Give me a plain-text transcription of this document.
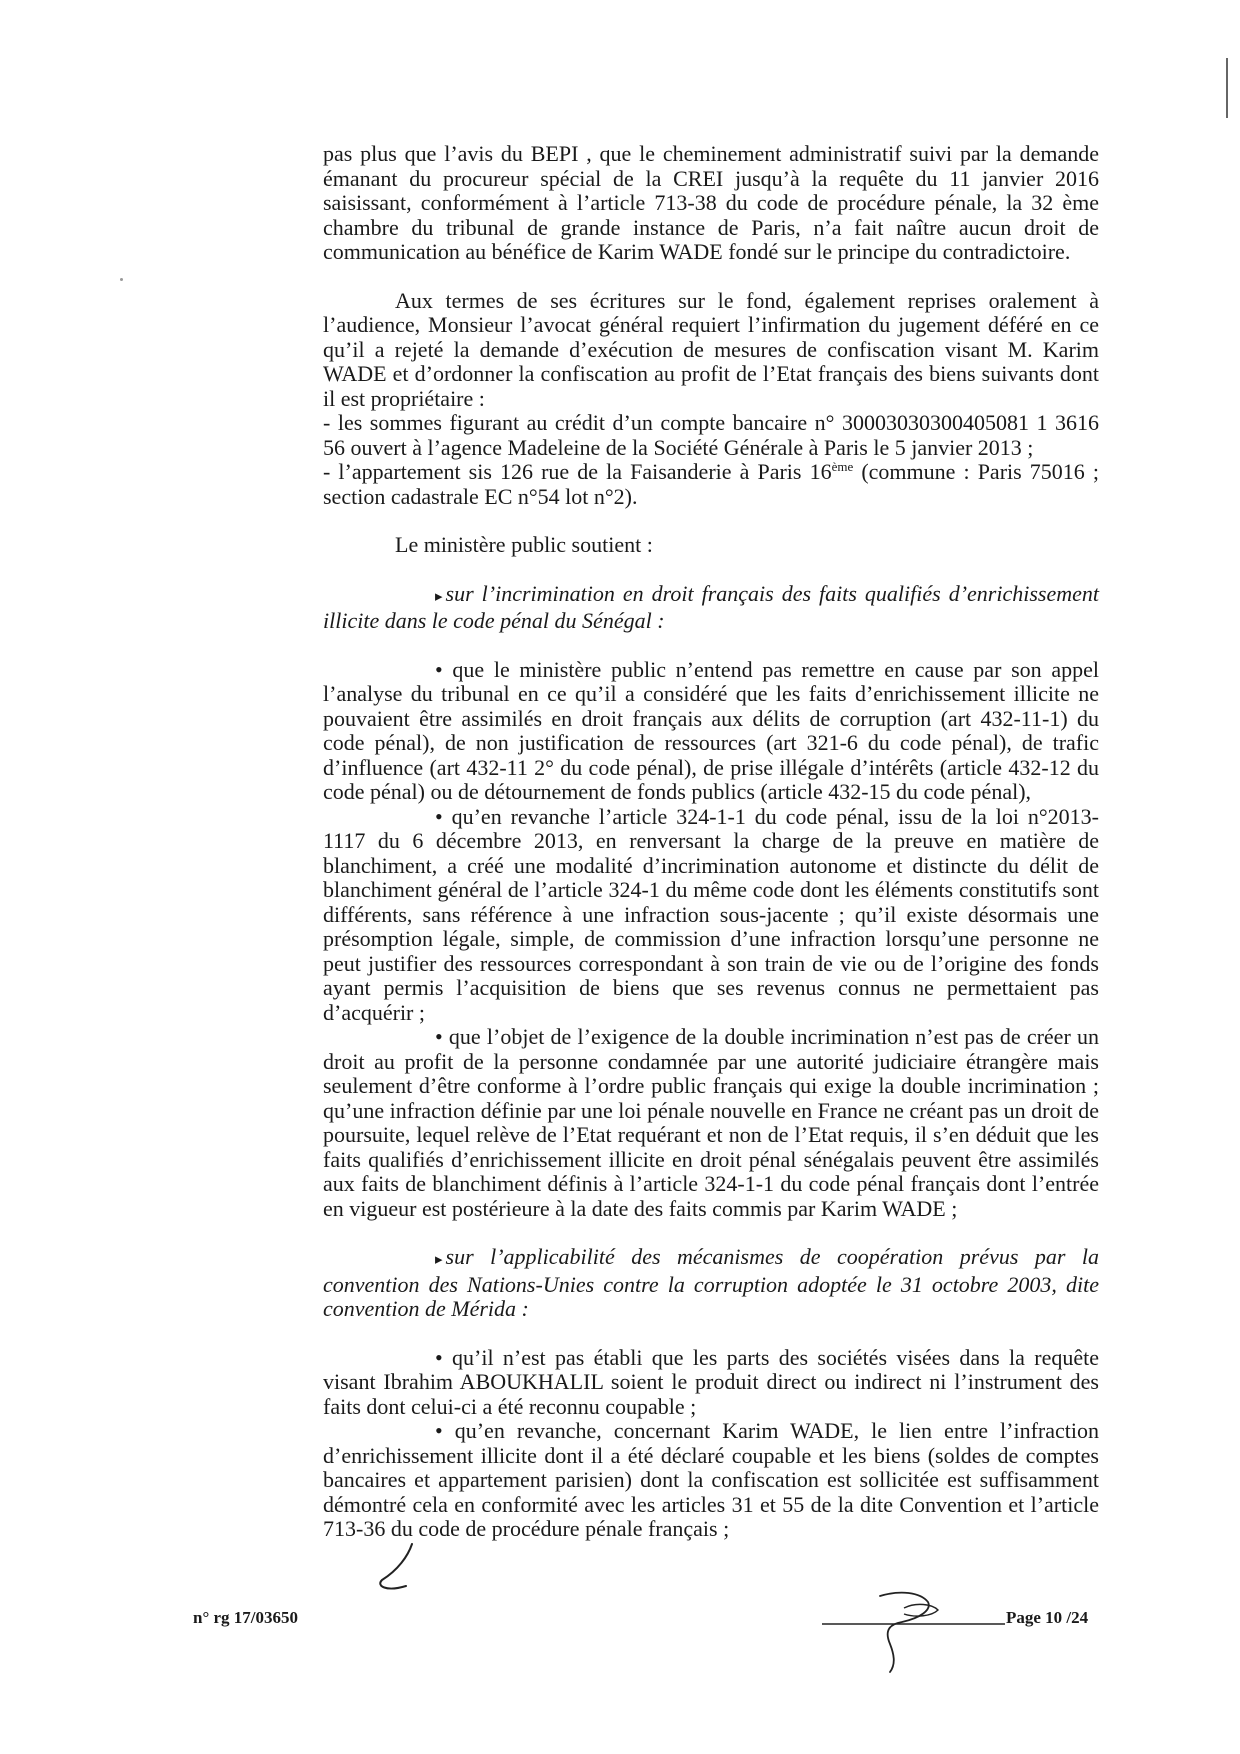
pas plus que l’avis du BEPI , que le cheminement administratif suivi par la demande émanant du procureur spécial de la CREI jusqu’à la requête du 11 janvier 2016 saisissant, conformément à l’article 713-38 du code de procédure pénale, la 32 ème chambre du tribunal de grande instance de Paris, n’a fait naître aucun droit de communication au bénéfice de Karim WADE fondé sur le principe du contradictoire.

Aux termes de ses écritures sur le fond, également reprises oralement à l’audience, Monsieur l’avocat général requiert l’infirmation du jugement déféré en ce qu’il a rejeté la demande d’exécution de mesures de confiscation visant M. Karim WADE et d’ordonner la confiscation au profit de l’Etat français des biens suivants dont il est propriétaire :

- les sommes figurant au crédit d’un compte bancaire n° 30003030300405081 1 3616 56 ouvert à l’agence Madeleine de la Société Générale à Paris le 5 janvier 2013 ;

- l’appartement sis 126 rue de la Faisanderie à Paris 16ème (commune : Paris 75016 ; section cadastrale EC n°54 lot n°2).

Le ministère public soutient :

▸ sur l’incrimination en droit français des faits qualifiés d’enrichissement illicite dans le code pénal du Sénégal :

• que le ministère public n’entend pas remettre en cause par son appel l’analyse du tribunal en ce qu’il a considéré que les faits d’enrichissement illicite ne pouvaient être assimilés en droit français aux délits de corruption (art 432-11-1) du code pénal), de non justification de ressources (art 321-6 du code pénal), de trafic d’influence (art 432-11 2° du code pénal), de prise illégale d’intérêts (article 432-12 du code pénal) ou de détournement de fonds publics (article 432-15 du code pénal),

• qu’en revanche l’article 324-1-1 du code pénal, issu de la loi n°2013-1117 du 6 décembre 2013, en renversant la charge de la preuve en matière de blanchiment, a créé une modalité d’incrimination autonome et distincte du délit de blanchiment général de l’article 324-1 du même code dont les éléments constitutifs sont différents, sans référence à une infraction sous-jacente ; qu’il existe désormais une présomption légale, simple, de commission d’une infraction lorsqu’une personne ne peut justifier des ressources correspondant à son train de vie ou de l’origine des fonds ayant permis l’acquisition de biens que ses revenus connus ne permettaient pas d’acquérir ;

• que l’objet de l’exigence de la double incrimination n’est pas de créer un droit au profit de la personne condamnée par une autorité judiciaire étrangère mais seulement d’être conforme à l’ordre public français qui exige la double incrimination ; qu’une infraction définie par une loi pénale nouvelle en France ne créant pas un droit de poursuite, lequel relève de l’Etat requérant et non de l’Etat requis, il s’en déduit que les faits qualifiés d’enrichissement illicite en droit pénal sénégalais peuvent être assimilés aux faits de blanchiment définis à l’article 324-1-1 du code pénal français dont l’entrée en vigueur est postérieure à la date des faits commis par Karim WADE ;

▸ sur l’applicabilité des mécanismes de coopération prévus par la convention des Nations-Unies contre la corruption adoptée le 31 octobre 2003, dite convention de Mérida :

• qu’il n’est pas établi que les parts des sociétés visées dans la requête visant Ibrahim ABOUKHALIL soient le produit direct ou indirect ni l’instrument des faits dont celui-ci a été reconnu coupable ;

• qu’en revanche, concernant Karim WADE, le lien entre l’infraction d’enrichissement illicite dont il a été déclaré coupable et les biens (soldes de comptes bancaires et appartement parisien) dont la confiscation est sollicitée est suffisamment démontré cela en conformité avec les articles 31 et 55 de la dite Convention et l’article 713-36 du code de procédure pénale français ;

n° rg 17/03650	Page 10 /24
